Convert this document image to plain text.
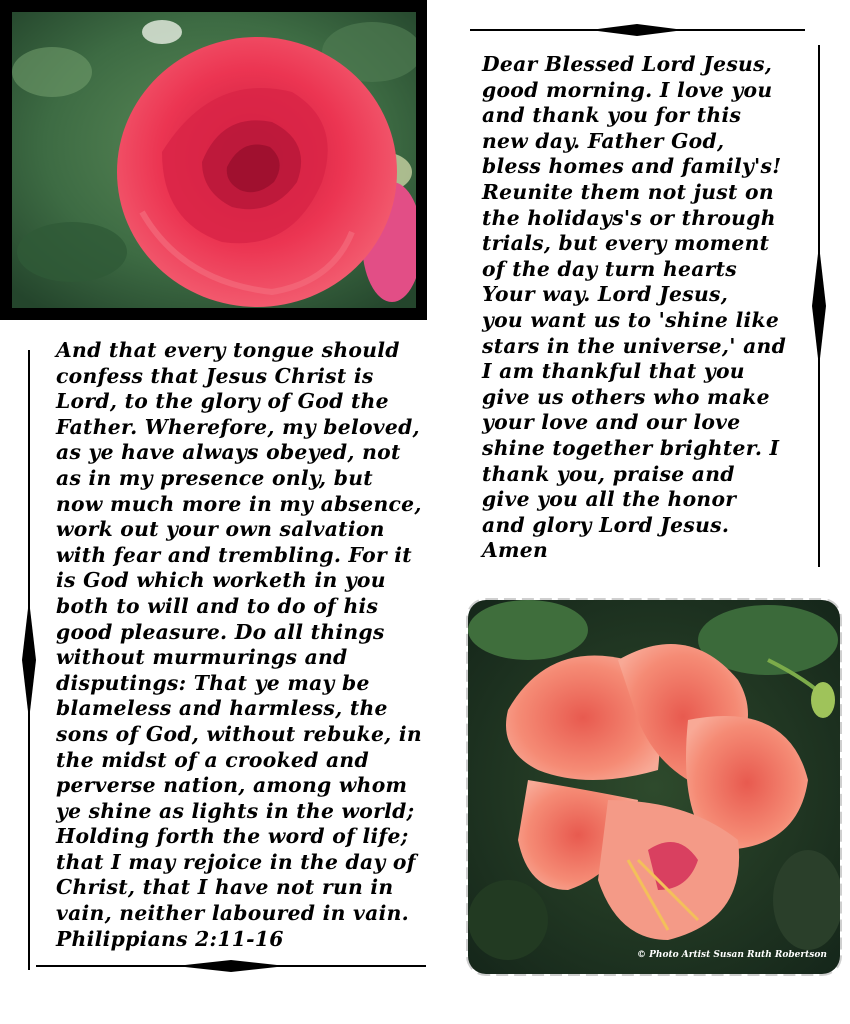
Dear Blessed Lord Jesus,
good morning. I love you
and thank you for this
new day. Father God,
bless homes and family's!
Reunite them not just on
the holidays's or through
trials, but every moment
of the day turn hearts
Your way. Lord Jesus,
you want us to 'shine like
stars in the universe,' and
I am thankful that you
give us others who make
your love and our love
shine together brighter. I
thank you, praise and
give you all the honor
and glory Lord Jesus.
Amen
And that every tongue should
confess that Jesus Christ is
Lord, to the glory of God the
Father. Wherefore, my beloved,
as ye have always obeyed, not
as in my presence only, but
now much more in my absence,
work out your own salvation
with fear and trembling. For it
is God which worketh in you
both to will and to do of his
good pleasure. Do all things
without murmurings and
disputings: That ye may be
blameless and harmless, the
sons of God, without rebuke, in
the midst of a crooked and
perverse nation, among whom
ye shine as lights in the world;
Holding forth the word of life;
that I may rejoice in the day of
Christ, that I have not run in
vain, neither laboured in vain.
Philippians 2:11-16
© Photo Artist Susan Ruth Robertson
